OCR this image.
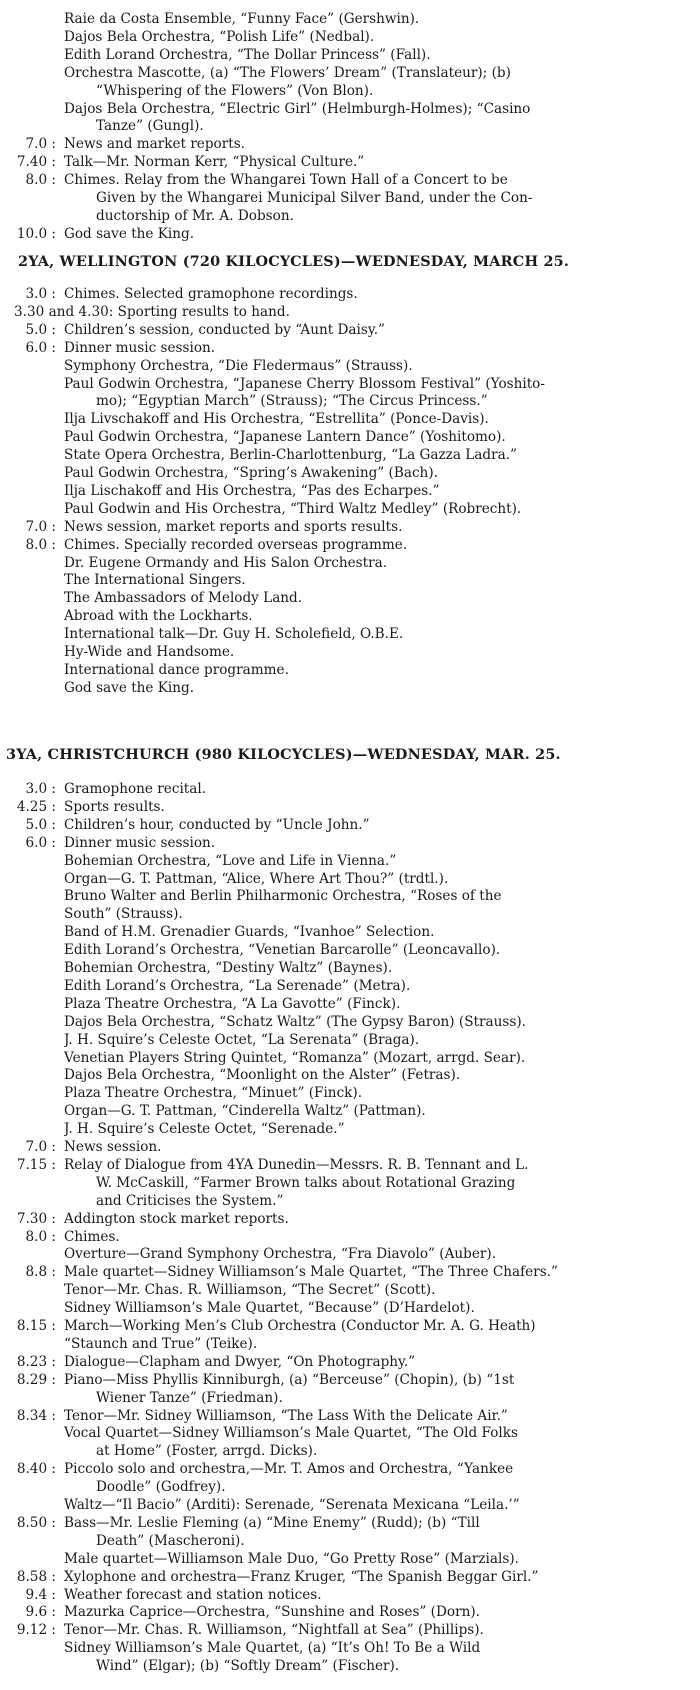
Raie da Costa Ensemble, “Funny Face” (Gershwin).
Dajos Bela Orchestra, “Polish Life” (Nedbal).
Edith Lorand Orchestra, “The Dollar Princess” (Fall).
Orchestra Mascotte, (a) “The Flowers’ Dream” (Translateur); (b)
“Whispering of the Flowers” (Von Blon).
Dajos Bela Orchestra, “Electric Girl” (Helmburgh-Holmes); “Casino
Tanze” (Gungl).
7.0 : News and market reports.
7.40 : Talk—Mr. Norman Kerr, “Physical Culture.”
8.0 : Chimes. Relay from the Whangarei Town Hall of a Concert to be
Given by the Whangarei Municipal Silver Band, under the Con-
ductorship of Mr. A. Dobson.
10.0 : God save the King.
2YA, WELLINGTON (720 KILOCYCLES)—WEDNESDAY, MARCH 25.
3.0 : Chimes. Selected gramophone recordings.
3.30 and 4.30: Sporting results to hand.
5.0 : Children’s session, conducted by “Aunt Daisy.”
6.0 : Dinner music session.
Symphony Orchestra, “Die Fledermaus” (Strauss).
Paul Godwin Orchestra, “Japanese Cherry Blossom Festival” (Yoshito-
mo); “Egyptian March” (Strauss); “The Circus Princess.”
Ilja Livschakoff and His Orchestra, “Estrellita” (Ponce-Davis).
Paul Godwin Orchestra, “Japanese Lantern Dance” (Yoshitomo).
State Opera Orchestra, Berlin-Charlottenburg, “La Gazza Ladra.”
Paul Godwin Orchestra, “Spring’s Awakening” (Bach).
Ilja Lischakoff and His Orchestra, “Pas des Echarpes.”
Paul Godwin and His Orchestra, “Third Waltz Medley” (Robrecht).
7.0 : News session, market reports and sports results.
8.0 : Chimes. Specially recorded overseas programme.
Dr. Eugene Ormandy and His Salon Orchestra.
The International Singers.
The Ambassadors of Melody Land.
Abroad with the Lockharts.
International talk—Dr. Guy H. Scholefield, O.B.E.
Hy-Wide and Handsome.
International dance programme.
God save the King.
3YA, CHRISTCHURCH (980 KILOCYCLES)—WEDNESDAY, MAR. 25.
3.0 : Gramophone recital.
4.25 : Sports results.
5.0 : Children’s hour, conducted by “Uncle John.”
6.0 : Dinner music session.
Bohemian Orchestra, “Love and Life in Vienna.”
Organ—G. T. Pattman, “Alice, Where Art Thou?” (trdtl.).
Bruno Walter and Berlin Philharmonic Orchestra, “Roses of the
South” (Strauss).
Band of H.M. Grenadier Guards, “Ivanhoe” Selection.
Edith Lorand’s Orchestra, “Venetian Barcarolle” (Leoncavallo).
Bohemian Orchestra, “Destiny Waltz” (Baynes).
Edith Lorand’s Orchestra, “La Serenade” (Metra).
Plaza Theatre Orchestra, “A La Gavotte” (Finck).
Dajos Bela Orchestra, “Schatz Waltz” (The Gypsy Baron) (Strauss).
J. H. Squire’s Celeste Octet, “La Serenata” (Braga).
Venetian Players String Quintet, “Romanza” (Mozart, arrgd. Sear).
Dajos Bela Orchestra, “Moonlight on the Alster” (Fetras).
Plaza Theatre Orchestra, “Minuet” (Finck).
Organ—G. T. Pattman, “Cinderella Waltz” (Pattman).
J. H. Squire’s Celeste Octet, “Serenade.”
7.0 : News session.
7.15 : Relay of Dialogue from 4YA Dunedin—Messrs. R. B. Tennant and L.
W. McCaskill, “Farmer Brown talks about Rotational Grazing
and Criticises the System.”
7.30 : Addington stock market reports.
8.0 : Chimes.
Overture—Grand Symphony Orchestra, “Fra Diavolo” (Auber).
8.8 : Male quartet—Sidney Williamson’s Male Quartet, “The Three Chafers.”
Tenor—Mr. Chas. R. Williamson, “The Secret” (Scott).
Sidney Williamson’s Male Quartet, “Because” (D’Hardelot).
8.15 : March—Working Men’s Club Orchestra (Conductor Mr. A. G. Heath)
“Staunch and True” (Teike).
8.23 : Dialogue—Clapham and Dwyer, “On Photography.”
8.29 : Piano—Miss Phyllis Kinniburgh, (a) “Berceuse” (Chopin), (b) “1st
Wiener Tanze” (Friedman).
8.34 : Tenor—Mr. Sidney Williamson, “The Lass With the Delicate Air.”
Vocal Quartet—Sidney Williamson’s Male Quartet, “The Old Folks
at Home” (Foster, arrgd. Dicks).
8.40 : Piccolo solo and orchestra,—Mr. T. Amos and Orchestra, “Yankee
Doodle” (Godfrey).
Waltz—“Il Bacio” (Arditi): Serenade, “Serenata Mexicana “Leila.’”
8.50 : Bass—Mr. Leslie Fleming (a) “Mine Enemy” (Rudd); (b) “Till
Death” (Mascheroni).
Male quartet—Williamson Male Duo, “Go Pretty Rose” (Marzials).
8.58 : Xylophone and orchestra—Franz Kruger, “The Spanish Beggar Girl.”
9.4 : Weather forecast and station notices.
9.6 : Mazurka Caprice—Orchestra, “Sunshine and Roses” (Dorn).
9.12 : Tenor—Mr. Chas. R. Williamson, “Nightfall at Sea” (Phillips).
Sidney Williamson’s Male Quartet, (a) “It’s Oh! To Be a Wild
Wind” (Elgar); (b) “Softly Dream” (Fischer).
